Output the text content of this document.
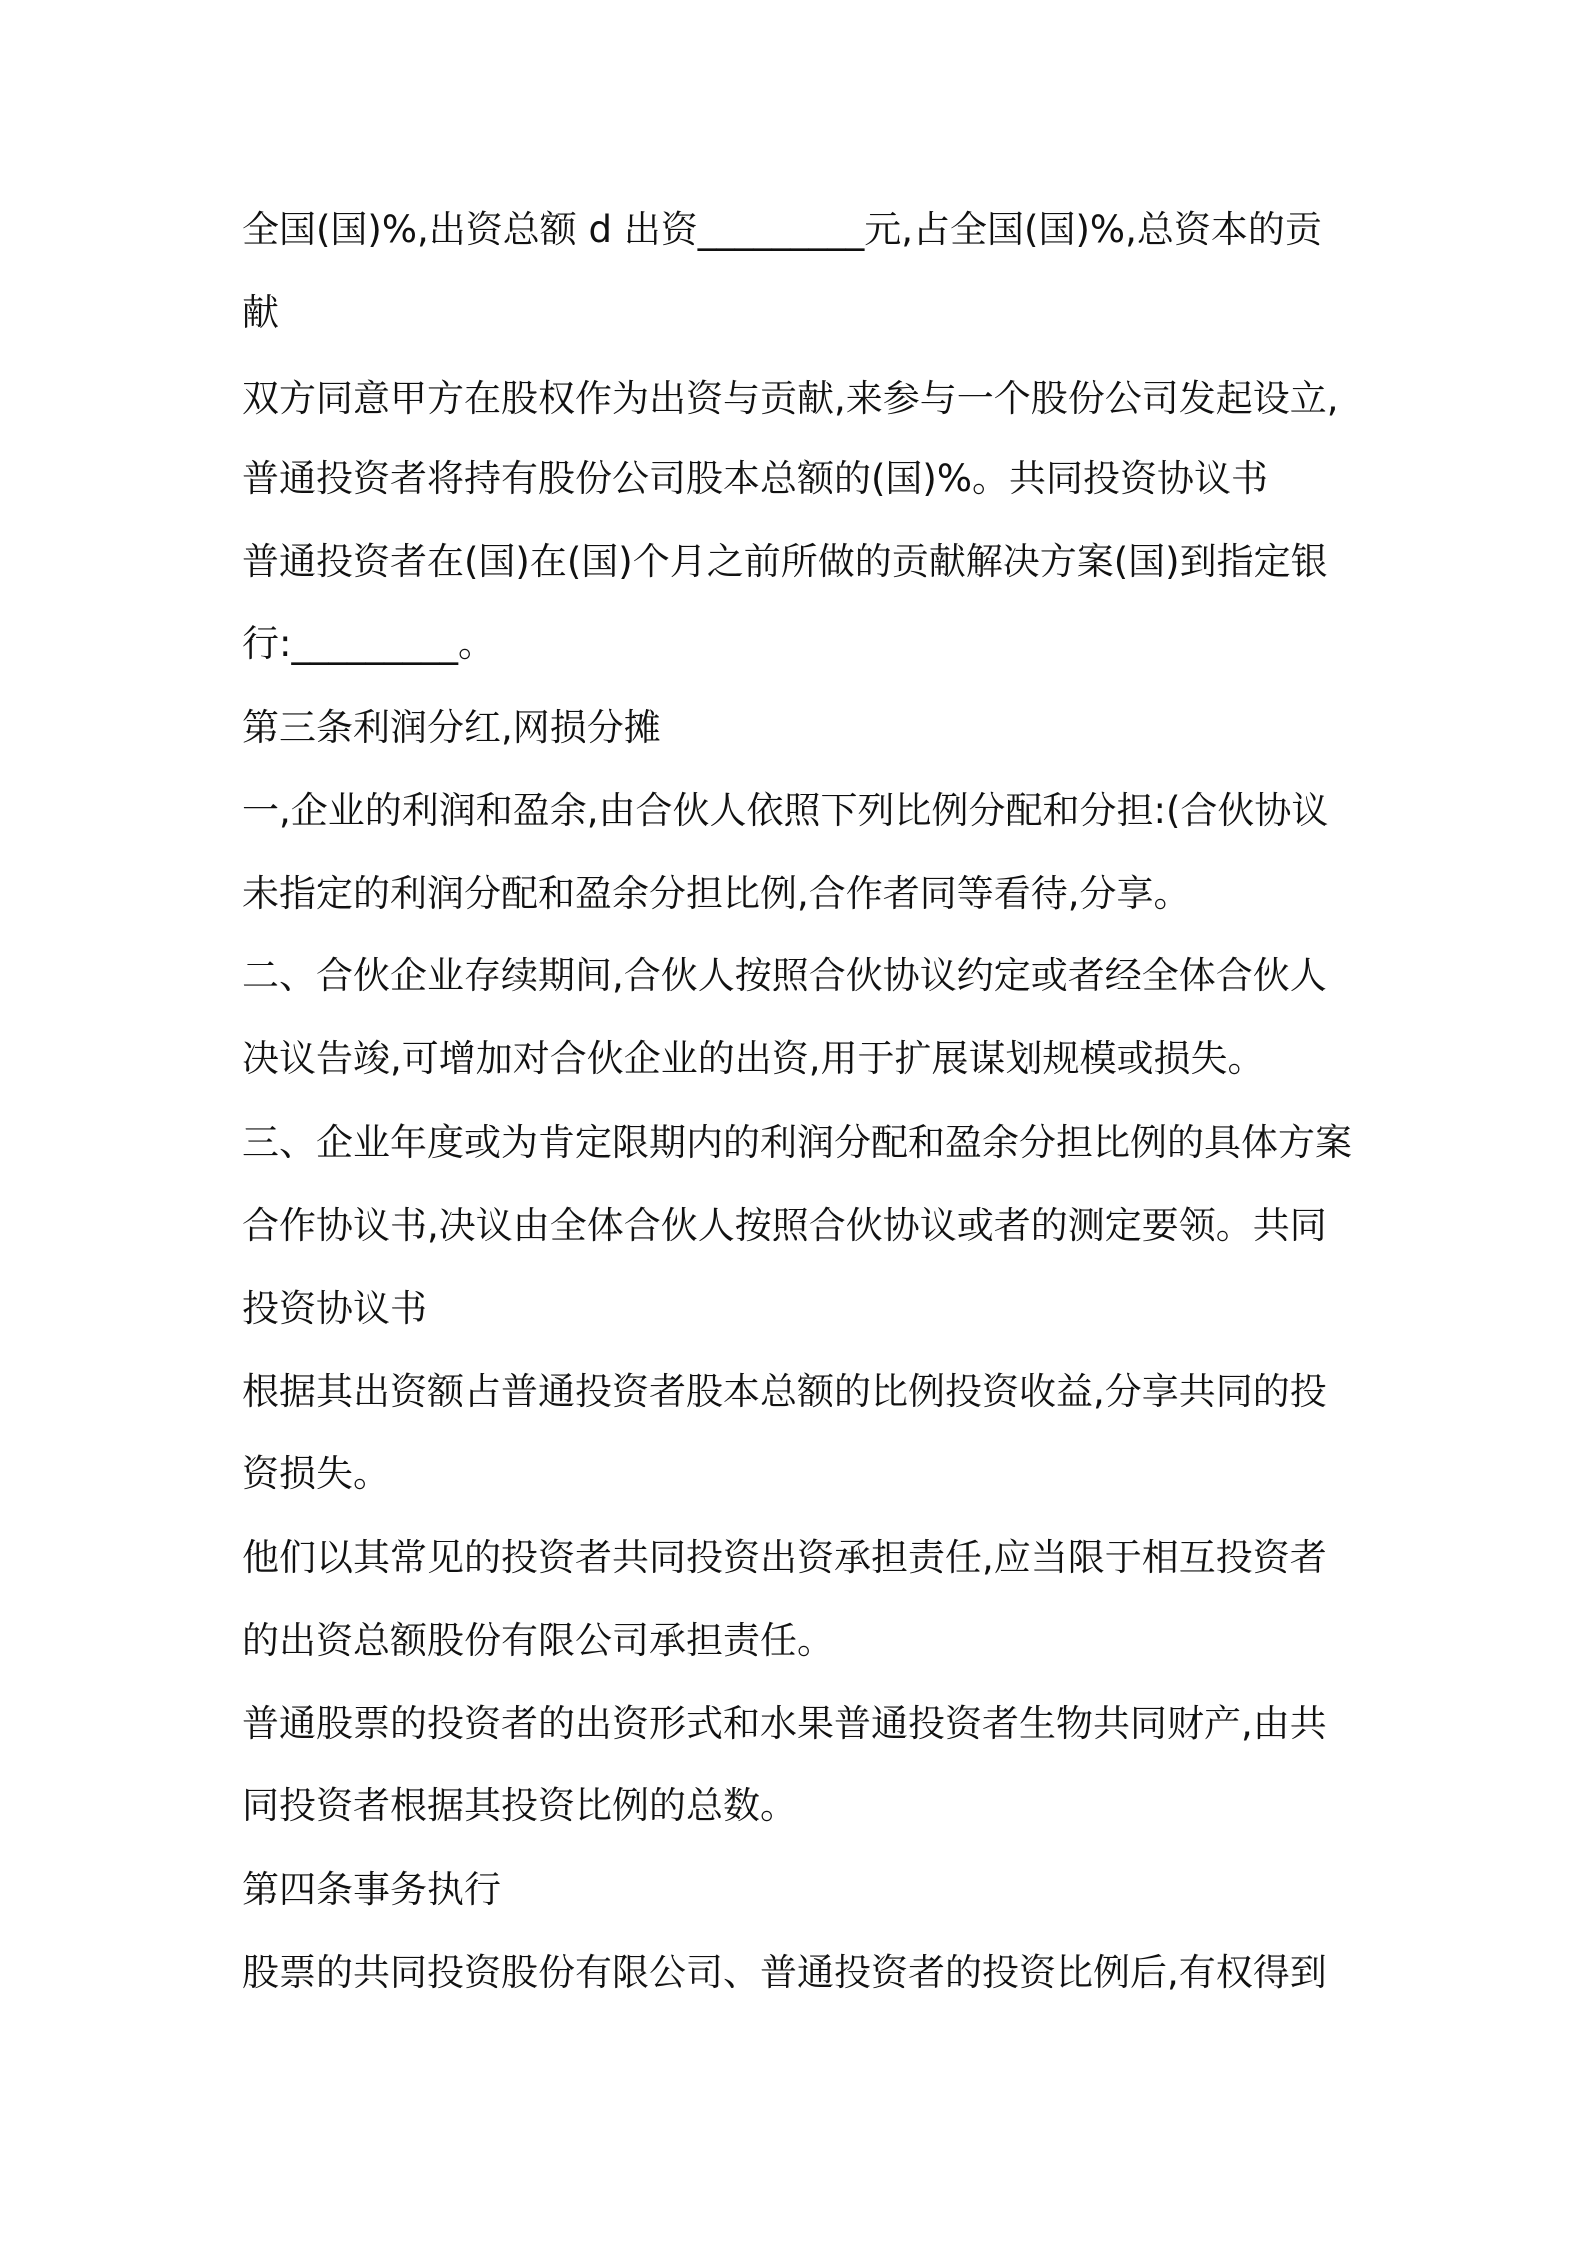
全国(国)%,出资总额 d 出资_________元,占全国(国)%,总资本的贡
献
双方同意甲方在股权作为出资与贡献,来参与一个股份公司发起设立,
普通投资者将持有股份公司股本总额的(国)%。共同投资协议书
普通投资者在(国)在(国)个月之前所做的贡献解决方案(国)到指定银
行:_________。
第三条利润分红,网损分摊
一,企业的利润和盈余,由合伙人依照下列比例分配和分担:(合伙协议
未指定的利润分配和盈余分担比例,合作者同等看待,分享。
二、合伙企业存续期间,合伙人按照合伙协议约定或者经全体合伙人
决议告竣,可增加对合伙企业的出资,用于扩展谋划规模或损失。
三、企业年度或为肯定限期内的利润分配和盈余分担比例的具体方案
合作协议书,决议由全体合伙人按照合伙协议或者的测定要领。共同
投资协议书
根据其出资额占普通投资者股本总额的比例投资收益,分享共同的投
资损失。
他们以其常见的投资者共同投资出资承担责任,应当限于相互投资者
的出资总额股份有限公司承担责任。
普通股票的投资者的出资形式和水果普通投资者生物共同财产,由共
同投资者根据其投资比例的总数。
第四条事务执行
股票的共同投资股份有限公司、普通投资者的投资比例后,有权得到
